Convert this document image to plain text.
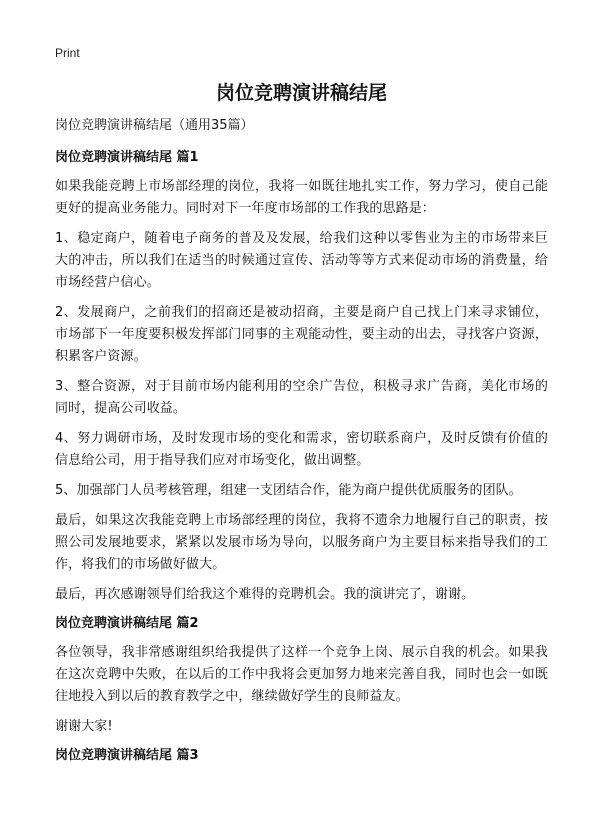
Print
岗位竞聘演讲稿结尾
岗位竞聘演讲稿结尾（通用35篇）
岗位竞聘演讲稿结尾 篇1

如果我能竞聘上市场部经理的岗位，我将一如既往地扎实工作，努力学习，使自己能更好的提高业务能力。同时对下一年度市场部的工作我的思路是：

1、稳定商户，随着电子商务的普及及发展，给我们这种以零售业为主的市场带来巨大的冲击，所以我们在适当的时候通过宣传、活动等等方式来促动市场的消费量，给市场经营户信心。

2、发展商户，之前我们的招商还是被动招商，主要是商户自己找上门来寻求铺位，市场部下一年度要积极发挥部门同事的主观能动性，要主动的出去，寻找客户资源，积累客户资源。

3、整合资源，对于目前市场内能利用的空余广告位，积极寻求广告商，美化市场的同时，提高公司收益。

4、努力调研市场，及时发现市场的变化和需求，密切联系商户，及时反馈有价值的信息给公司，用于指导我们应对市场变化，做出调整。

5、加强部门人员考核管理，组建一支团结合作，能为商户提供优质服务的团队。

最后，如果这次我能竞聘上市场部经理的岗位，我将不遗余力地履行自己的职责，按照公司发展地要求，紧紧以发展市场为导向，以服务商户为主要目标来指导我们的工作，将我们的市场做好做大。

最后，再次感谢领导们给我这个难得的竞聘机会。我的演讲完了，谢谢。

岗位竞聘演讲稿结尾 篇2

各位领导，我非常感谢组织给我提供了这样一个竞争上岗、展示自我的机会。如果我在这次竞聘中失败，在以后的工作中我将会更加努力地来完善自我，同时也会一如既往地投入到以后的教育教学之中，继续做好学生的良师益友。

谢谢大家!

岗位竞聘演讲稿结尾 篇3
